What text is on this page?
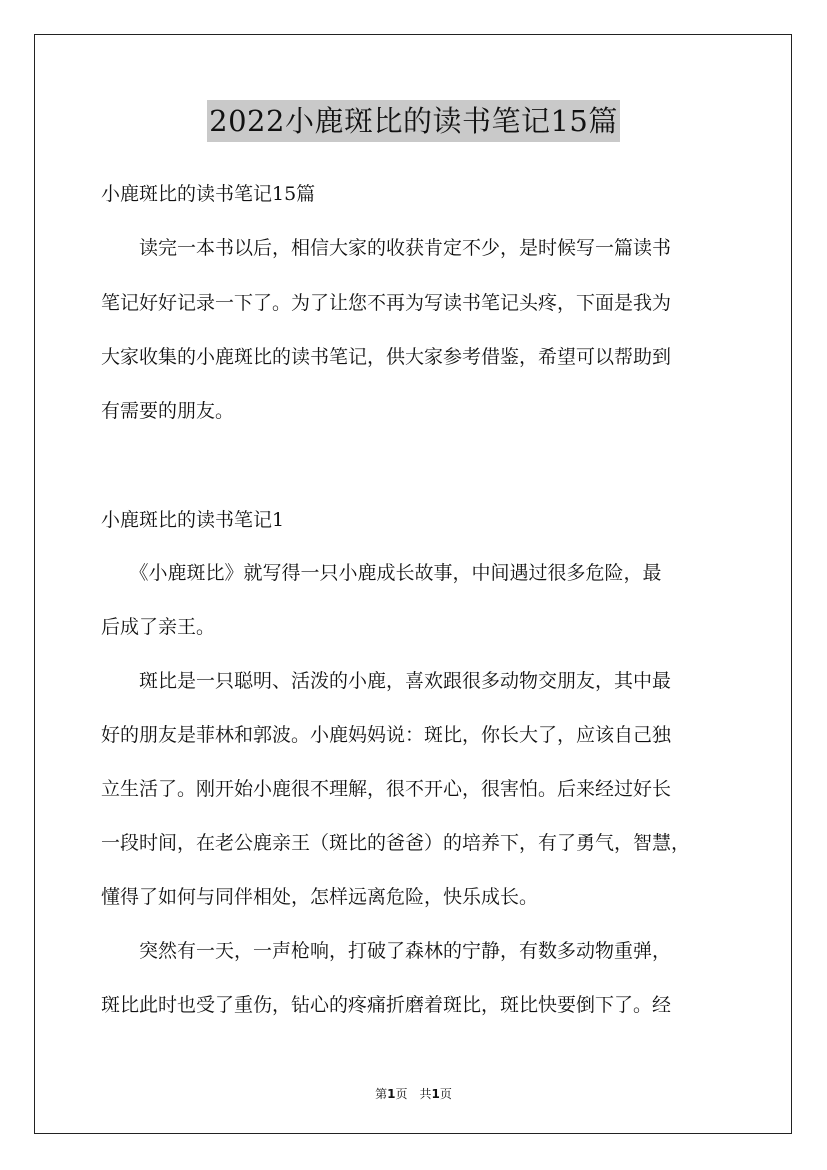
2022小鹿斑比的读书笔记15篇
小鹿斑比的读书笔记15篇
　　读完一本书以后，相信大家的收获肯定不少，是时候写一篇读书
笔记好好记录一下了。为了让您不再为写读书笔记头疼，下面是我为
大家收集的小鹿斑比的读书笔记，供大家参考借鉴，希望可以帮助到
有需要的朋友。
小鹿斑比的读书笔记1
　　《小鹿斑比》就写得一只小鹿成长故事，中间遇过很多危险，最
后成了亲王。
　　斑比是一只聪明、活泼的小鹿，喜欢跟很多动物交朋友，其中最
好的朋友是菲林和郭波。小鹿妈妈说：斑比，你长大了，应该自己独
立生活了。刚开始小鹿很不理解，很不开心，很害怕。后来经过好长
一段时间，在老公鹿亲王（斑比的爸爸）的培养下，有了勇气，智慧，
懂得了如何与同伴相处，怎样远离危险，快乐成长。
　　突然有一天，一声枪响，打破了森林的宁静，有数多动物重弹，
斑比此时也受了重伤，钻心的疼痛折磨着斑比，斑比快要倒下了。经
第1页　共1页
